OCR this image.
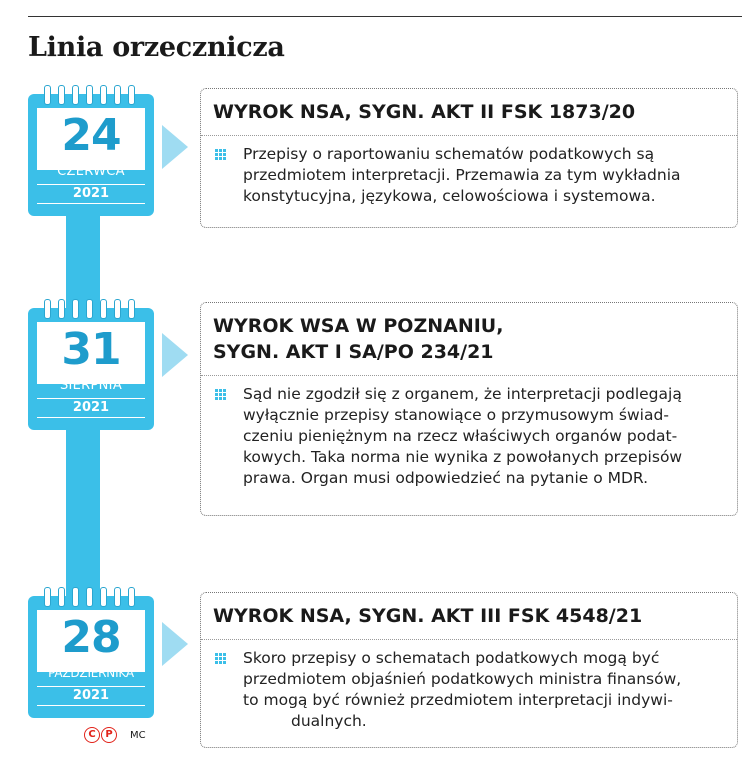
Linia orzecznicza
24
CZERWCA
2021
WYROK NSA, SYGN. AKT II FSK 1873/20
Przepisy o raportowaniu schematów podatkowych są
przedmiotem interpretacji. Przemawia za tym wykładnia
konstytucyjna, językowa, celowościowa i systemowa.
31
SIERPNIA
2021
WYROK WSA W POZNANIU,
SYGN. AKT I SA/PO 234/21
Sąd nie zgodził się z organem, że interpretacji podlegają
wyłącznie przepisy stanowiące o przymusowym świad-
czeniu pieniężnym na rzecz właściwych organów podat-
kowych. Taka norma nie wynika z powołanych przepisów
prawa. Organ musi odpowiedzieć na pytanie o MDR.
28
PAŹDZIERNIKA
2021
WYROK NSA, SYGN. AKT III FSK 4548/21
Skoro przepisy o schematach podatkowych mogą być
przedmiotem objaśnień podatkowych ministra finansów,
to mogą być również przedmiotem interpretacji indywi-
dualnych.
C P	MC
